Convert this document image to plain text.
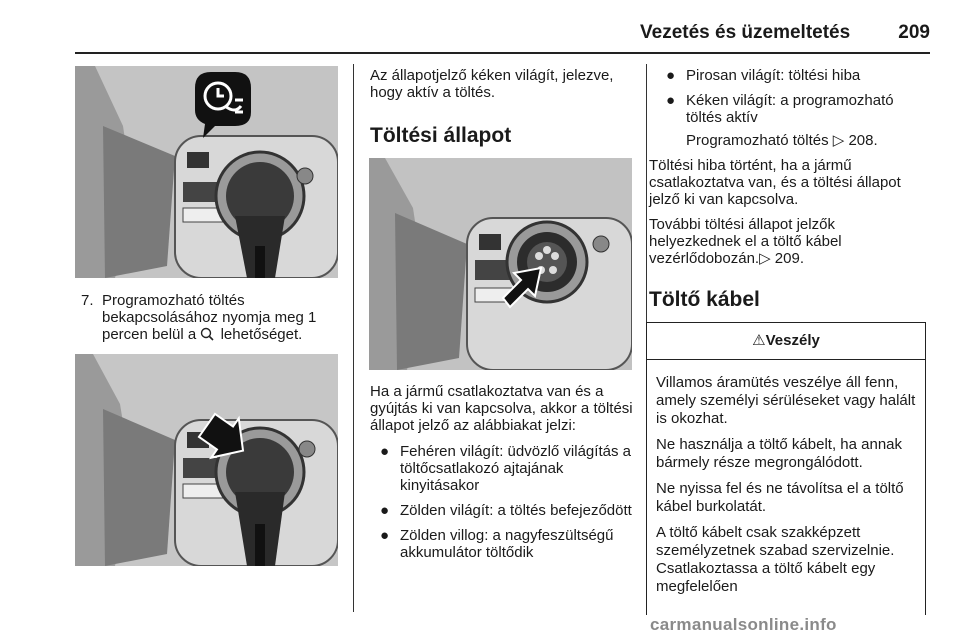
Vezetés és üzemeltetés	209
7. Programozható töltés
bekapcsolásához nyomja meg 1
percen belül a lehetőséget.
Az állapotjelző kéken világít, jelezve, hogy aktív a töltés.
Töltési állapot
Ha a jármű csatlakoztatva van és a gyújtás ki van kapcsolva, akkor a töltési állapot jelző az alábbiakat jelzi:
● Fehéren világít: üdvözlő világítás a töltőcsatlakozó ajtajának kinyitásakor
● Zölden világít: a töltés befejeződött
● Zölden villog: a nagyfeszültségű akkumulátor töltődik
● Pirosan világít: töltési hiba
● Kéken világít: a programozható töltés aktív
Programozható töltés ▷ 208.
Töltési hiba történt, ha a jármű csatlakoztatva van, és a töltési állapot jelző ki van kapcsolva.
További töltési állapot jelzők helyezkednek el a töltő kábel vezérlődobozán.▷ 209.
Töltő kábel
⚠Veszély

Villamos áramütés veszélye áll fenn, amely személyi sérüléseket vagy halált is okozhat.

Ne használja a töltő kábelt, ha annak bármely része megrongálódott.

Ne nyissa fel és ne távolítsa el a töltő kábel burkolatát.

A töltő kábelt csak szakképzett személyzetnek szabad szervizelnie. Csatlakoztassa a töltő kábelt egy megfelelően

carmanualsonline.info
